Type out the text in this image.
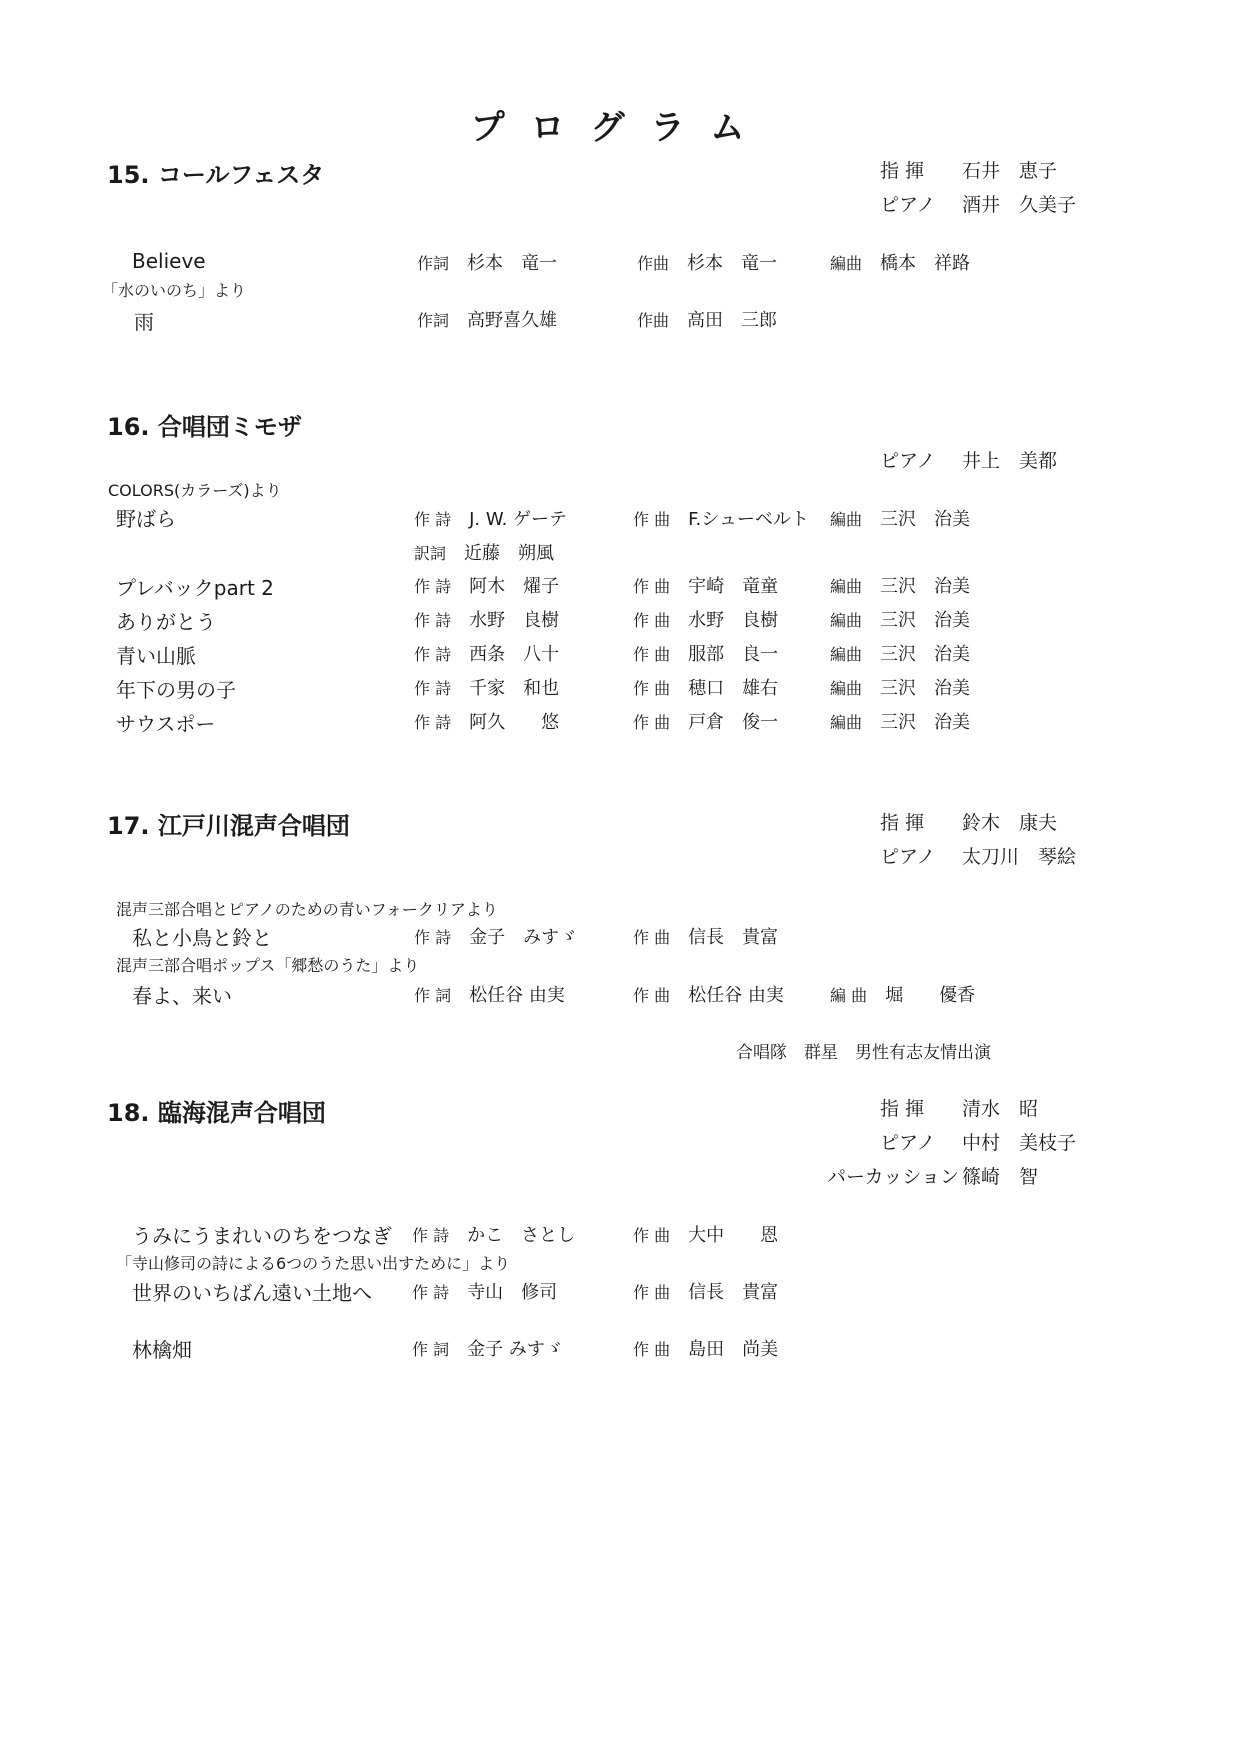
プログラム
15. コールフェスタ	指 揮 石井　恵子
ピアノ 酒井　久美子
Believe	作詞 杉本　竜一	作曲 杉本　竜一	編曲 橋本　祥路
「水のいのち」より
雨	作詞 高野喜久雄	作曲 高田　三郎
16. 合唱団ミモザ
ピアノ 井上　美都
COLORS(カラーズ)より
野ばら	作 詩 J. W. ゲーテ	作 曲 F.シューベルト 編曲 三沢　治美
訳詞 近藤　朔風
プレバックpart 2	作 詩 阿木　燿子	作 曲 宇崎　竜童	編曲 三沢　治美
ありがとう	作 詩 水野　良樹	作 曲 水野　良樹	編曲 三沢　治美
青い山脈	作 詩 西条　八十	作 曲 服部　良一	編曲 三沢　治美
年下の男の子	作 詩 千家　和也	作 曲 穂口　雄右	編曲 三沢　治美
サウスポー	作 詩 阿久　　悠	作 曲 戸倉　俊一	編曲 三沢　治美
17. 江戸川混声合唱団	指 揮 鈴木　康夫
ピアノ 太刀川　琴絵
混声三部合唱とピアノのための青いフォークリアより
私と小鳥と鈴と	作 詩 金子　みすゞ	作 曲 信長　貴富
混声三部合唱ポップス「郷愁のうた」より
春よ、来い	作 詞 松任谷 由実	作 曲 松任谷 由実	編 曲 堀　　優香
合唱隊　群星　男性有志友情出演
18. 臨海混声合唱団	指 揮 清水　昭
ピアノ 中村　美枝子
パーカッション 篠崎　智
うみにうまれいのちをつなぎ 作 詩 かこ　さとし	作 曲 大中　　恩
「寺山修司の詩による6つのうた思い出すために」より
世界のいちばん遠い土地へ	作 詩 寺山　修司	作 曲 信長　貴富
林檎畑	作 詞 金子 みすゞ	作 曲 島田　尚美
